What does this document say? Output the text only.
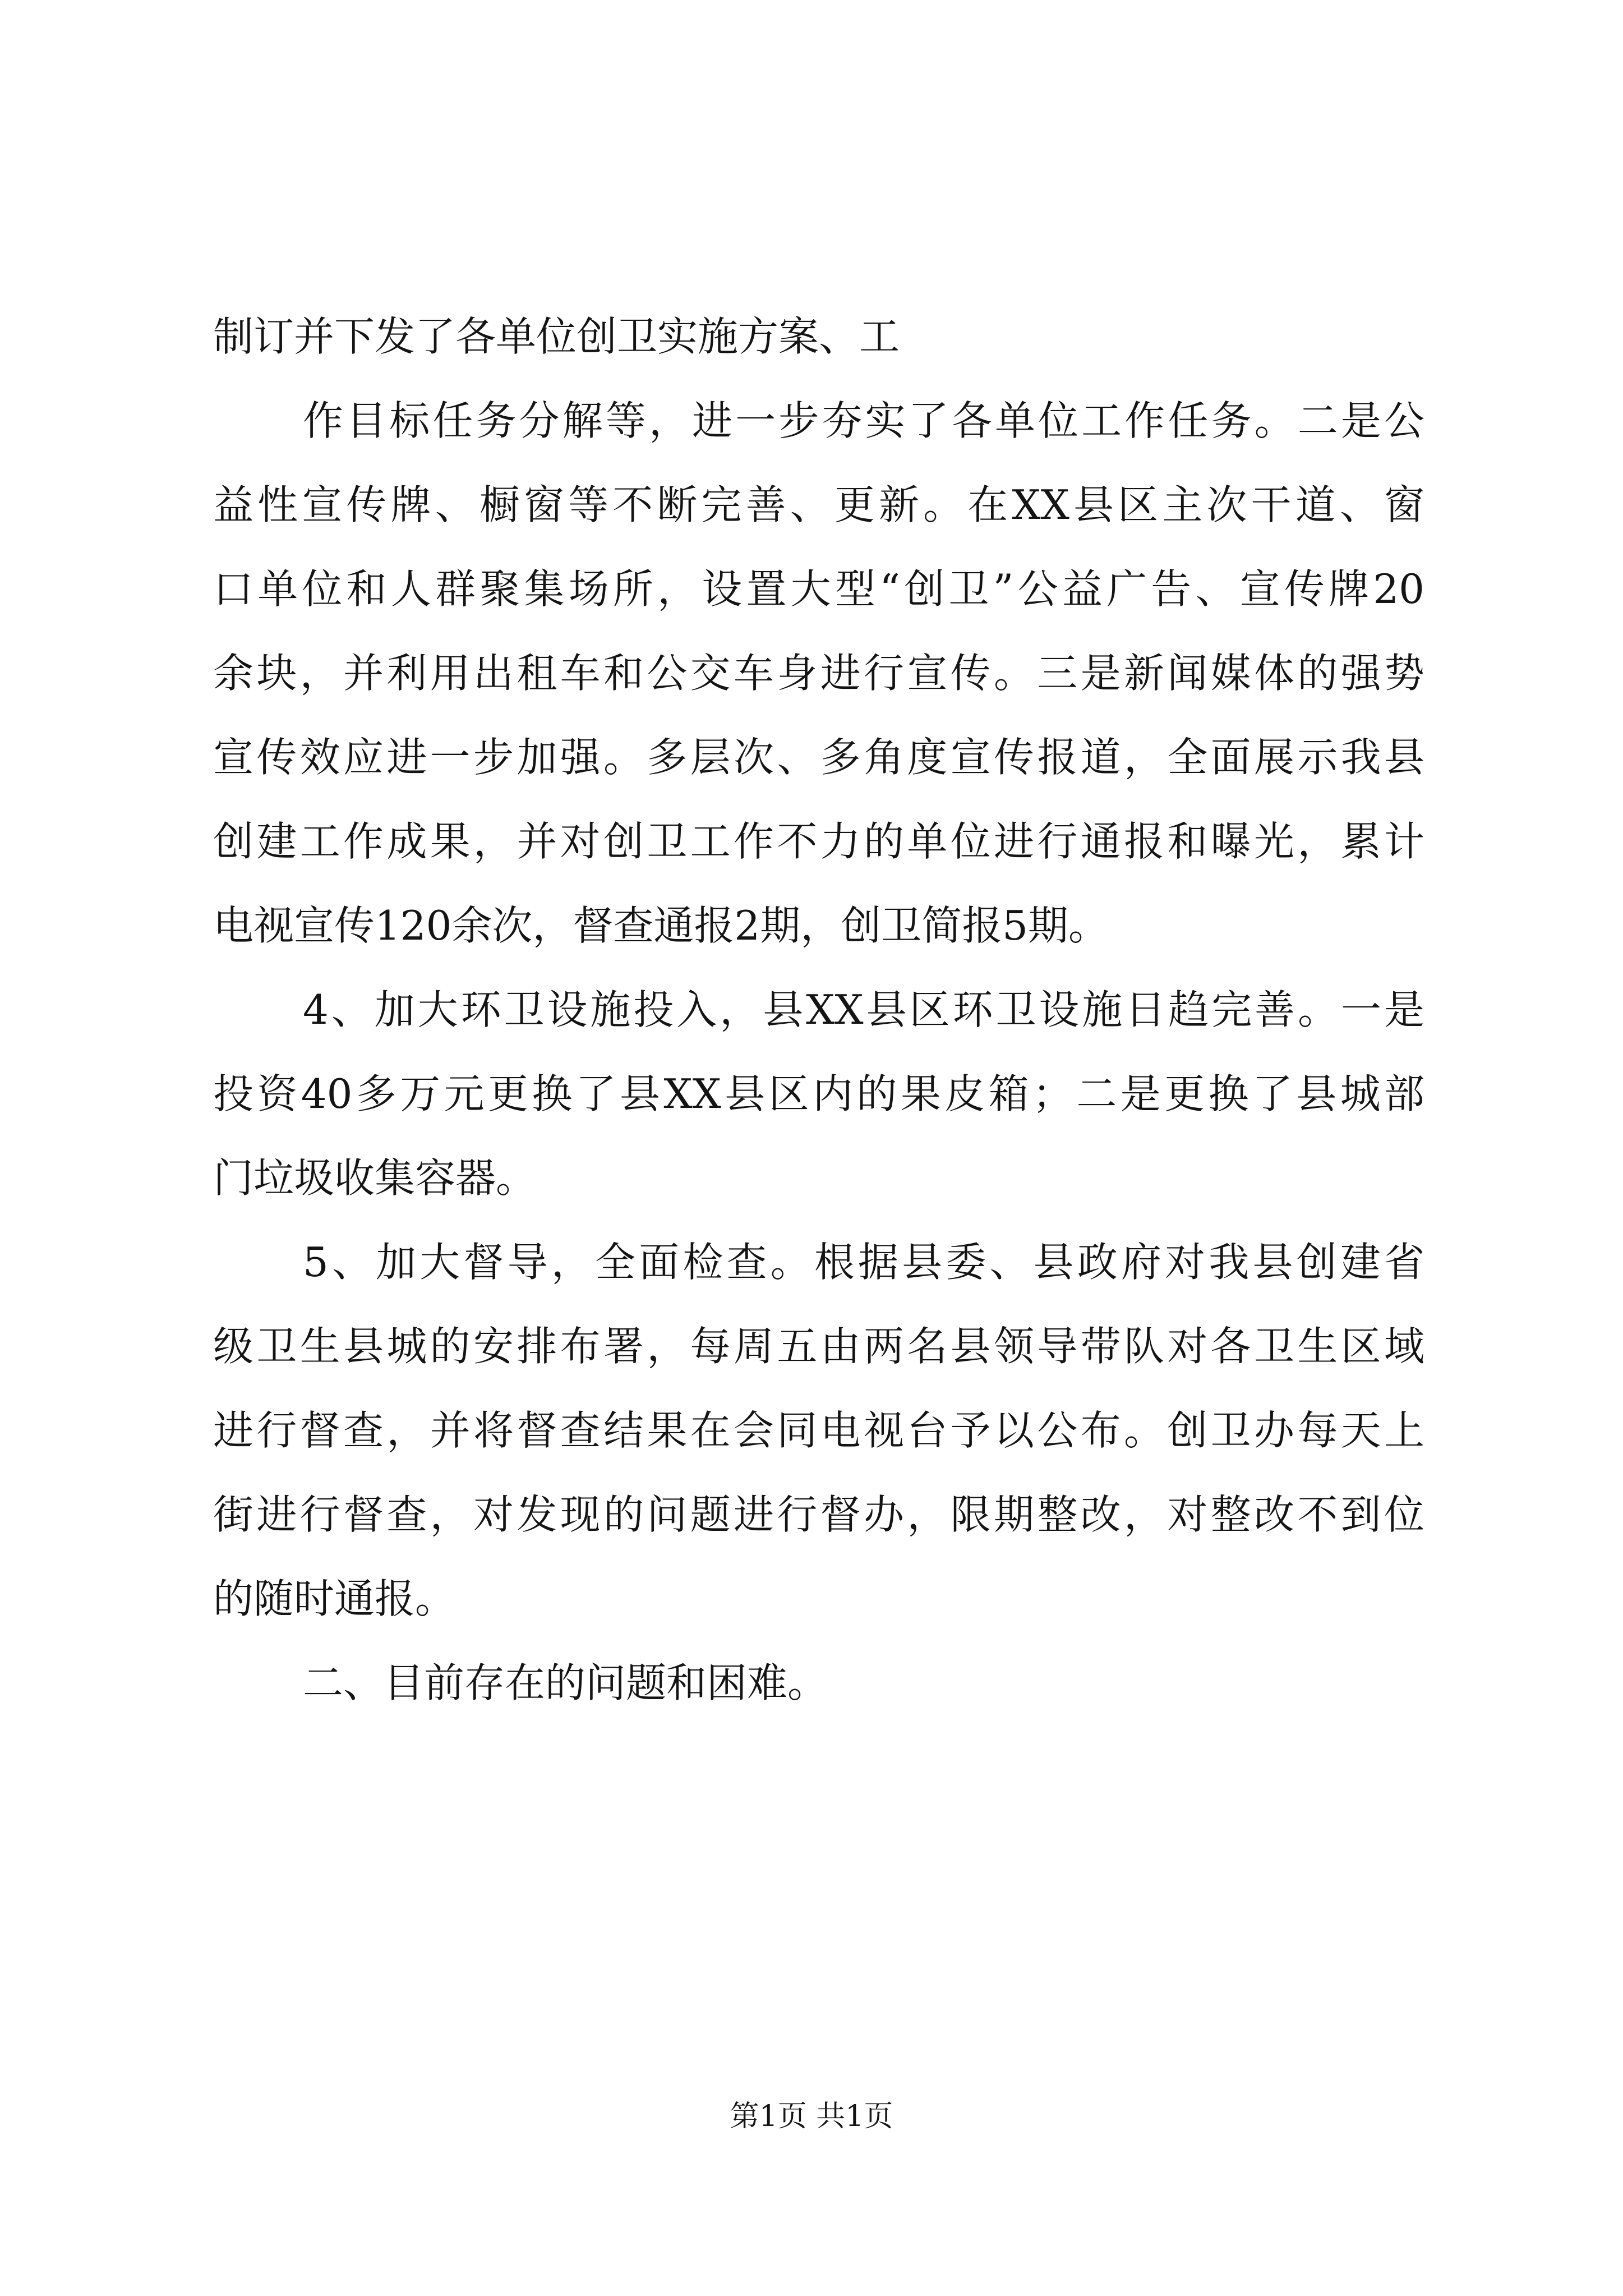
制订并下发了各单位创卫实施方案、工

作目标任务分解等，进一步夯实了各单位工作任务。二是公

益性宣传牌、橱窗等不断完善、更新。在XX县区主次干道、窗

口单位和人群聚集场所，设置大型“创卫”公益广告、宣传牌20

余块，并利用出租车和公交车身进行宣传。三是新闻媒体的强势

宣传效应进一步加强。多层次、多角度宣传报道，全面展示我县

创建工作成果，并对创卫工作不力的单位进行通报和曝光，累计

电视宣传120余次，督查通报2期，创卫简报5期。

4、加大环卫设施投入，县XX县区环卫设施日趋完善。一是

投资40多万元更换了县XX县区内的果皮箱；二是更换了县城部

门垃圾收集容器。

5、加大督导，全面检查。根据县委、县政府对我县创建省

级卫生县城的安排布署，每周五由两名县领导带队对各卫生区域

进行督查，并将督查结果在会同电视台予以公布。创卫办每天上

街进行督查，对发现的问题进行督办，限期整改，对整改不到位

的随时通报。

二、目前存在的问题和困难。

第1页 共1页
